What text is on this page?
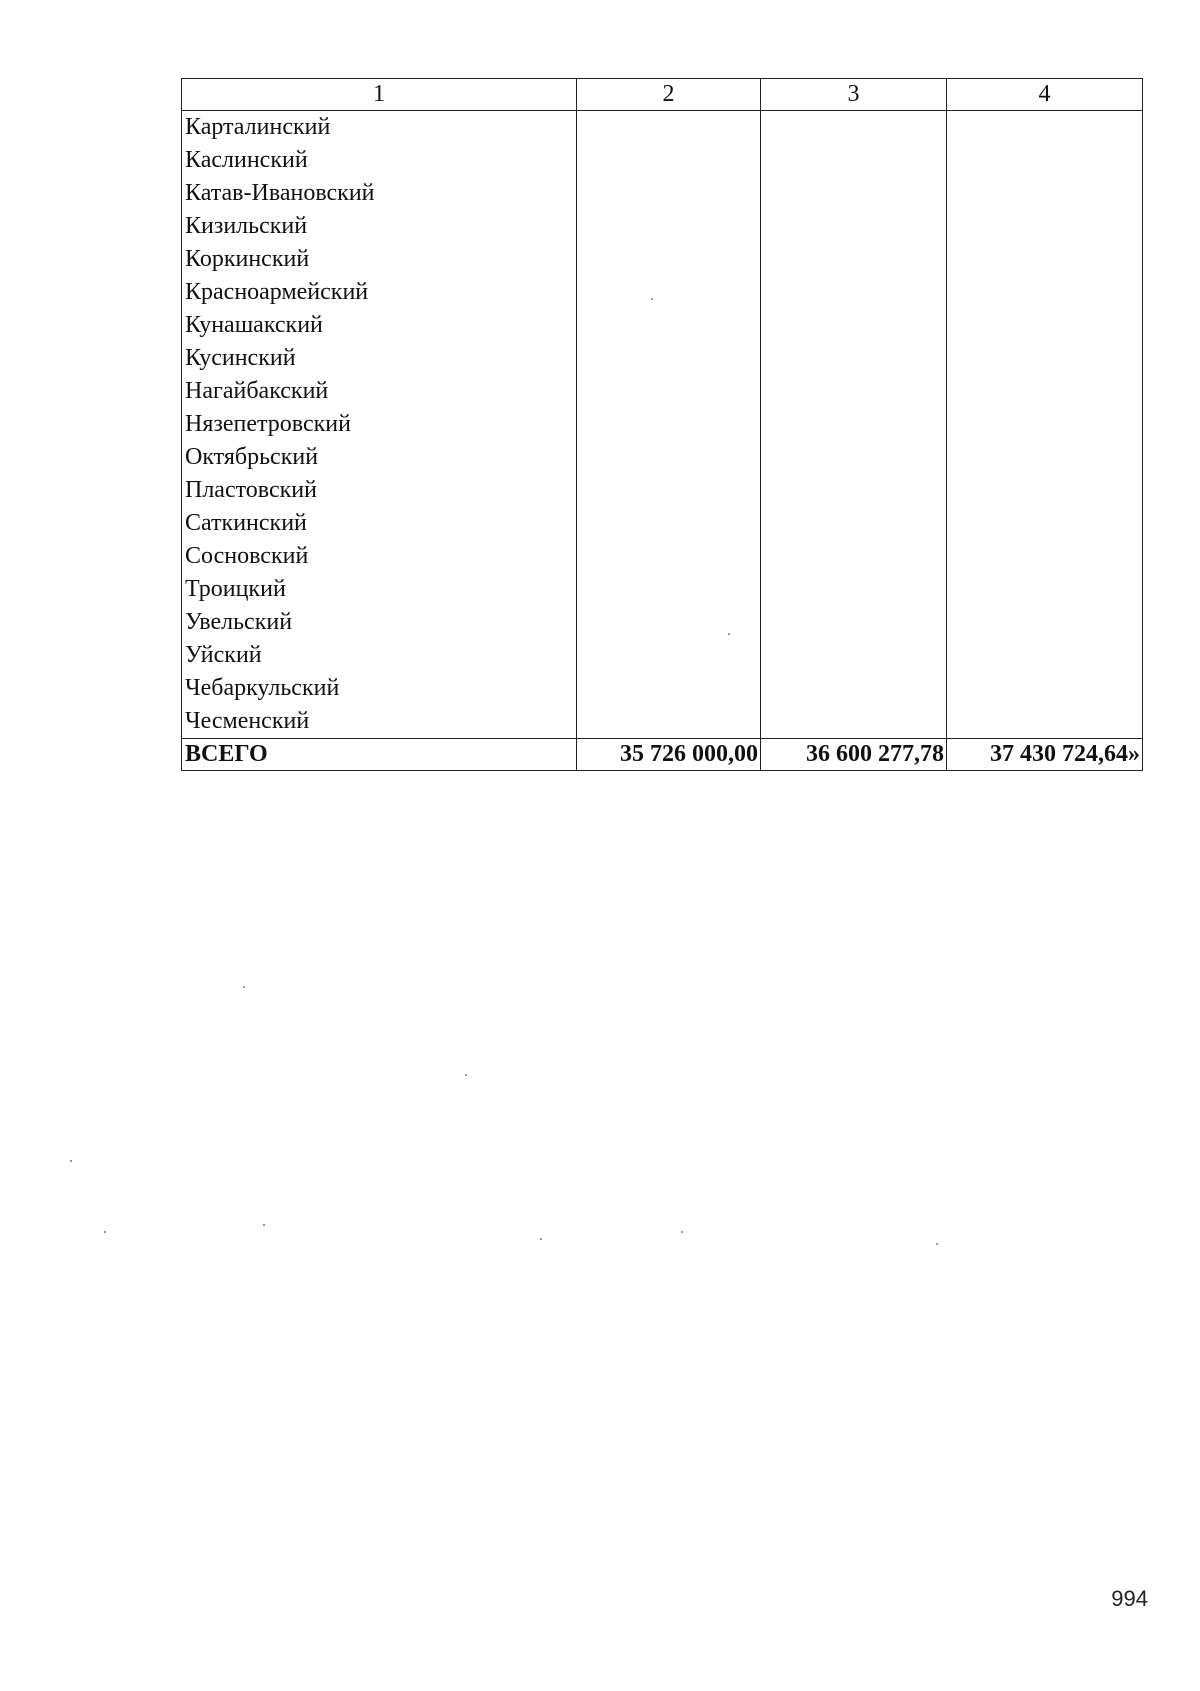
1	2	3	4
Карталинский			
Каслинский			
Катав-Ивановский			
Кизильский			
Коркинский			
Красноармейский			
Кунашакский			
Кусинский			
Нагайбакский			
Нязепетровский			
Октябрьский			
Пластовский			
Саткинский			
Сосновский			
Троицкий			
Увельский			
Уйский			
Чебаркульский			
Чесменский			
ВСЕГО	35 726 000,00	36 600 277,78	37 430 724,64»
994
